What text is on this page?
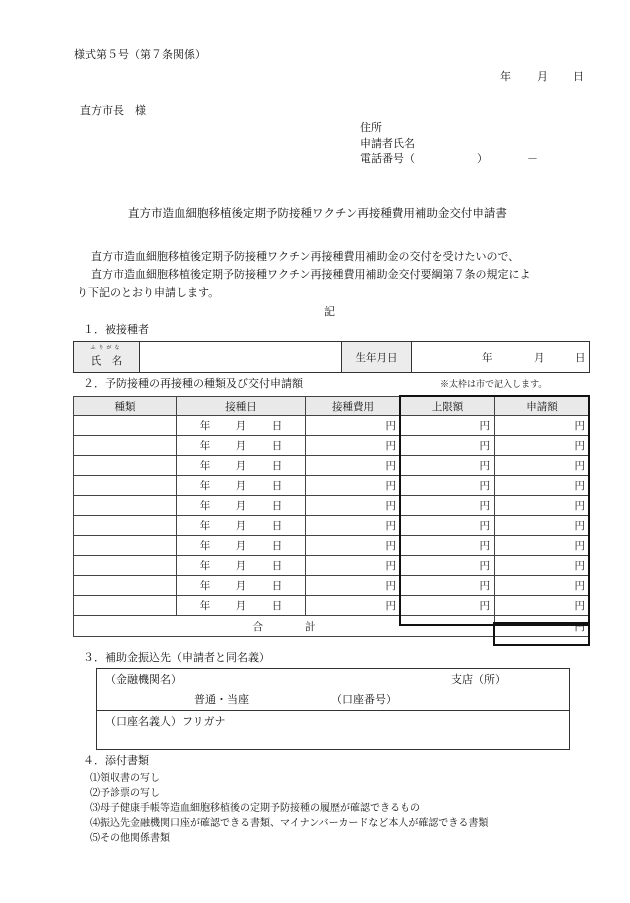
様式第５号（第７条関係）
年 月 日
直方市長　様
住所
申請者氏名
電話番号（	）	－
直方市造血細胞移植後定期予防接種ワクチン再接種費用補助金交付申請書
直方市造血細胞移植後定期予防接種ワクチン再接種費用補助金の交付を受けたいので、
直方市造血細胞移植後定期予防接種ワクチン再接種費用補助金交付要綱第７条の規定によ
り下記のとおり申請します。
記
１．被接種者
ふりがな
氏　名		生年月日	年	月	日
２．予防接種の再接種の種類及び交付申請額	※太枠は市で記入します。
種類	接種日	接種費用	上限額	申請額
	年 月 日	円	円	円
	年 月 日	円	円	円
	年 月 日	円	円	円
	年 月 日	円	円	円
	年 月 日	円	円	円
	年 月 日	円	円	円
	年 月 日	円	円	円
	年 月 日	円	円	円
	年 月 日	円	円	円
	年 月 日	円	円	円
合　　　　計				円
３．補助金振込先（申請者と同名義）
（金融機関名）	支店（所）
普通・当座	（口座番号）
（口座名義人）フリガナ
４．添付書類
⑴領収書の写し
⑵予診票の写し
⑶母子健康手帳等造血細胞移植後の定期予防接種の履歴が確認できるもの
⑷振込先金融機関口座が確認できる書類、マイナンバーカードなど本人が確認できる書類
⑸その他関係書類
